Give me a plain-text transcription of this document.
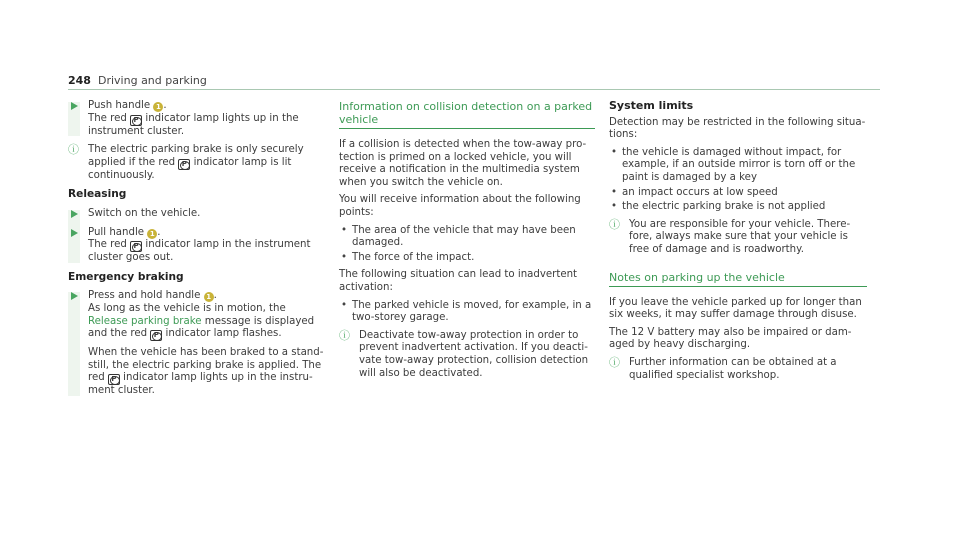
248 Driving and parking
Push handle 1 .
The red P indicator lamp lights up in the instrument cluster.
ⓘ The electric parking brake is only securely applied if the red P indicator lamp is lit continuously.
Releasing
Switch on the vehicle.
Pull handle 1 .
The red P indicator lamp in the instrument cluster goes out.
Emergency braking
Press and hold handle 1 .
As long as the vehicle is in motion, the Release parking brake message is displayed and the red P indicator lamp flashes.
When the vehicle has been braked to a stand-still, the electric parking brake is applied. The red P indicator lamp lights up in the instru-ment cluster.
Information on collision detection on a parked vehicle

If a collision is detected when the tow-away pro-tection is primed on a locked vehicle, you will receive a notification in the multimedia system when you switch the vehicle on.

You will receive information about the following points:

• The area of the vehicle that may have been damaged.
• The force of the impact.

The following situation can lead to inadvertent activation:

• The parked vehicle is moved, for example, in a two-storey garage.
ⓘ Deactivate tow-away protection in order to prevent inadvertent activation. If you deacti-vate tow-away protection, collision detection will also be deactivated.
System limits

Detection may be restricted in the following situa-tions:

• the vehicle is damaged without impact, for example, if an outside mirror is torn off or the paint is damaged by a key
• an impact occurs at low speed
• the electric parking brake is not applied
ⓘ You are responsible for your vehicle. There-fore, always make sure that your vehicle is free of damage and is roadworthy.
Notes on parking up the vehicle

If you leave the vehicle parked up for longer than six weeks, it may suffer damage through disuse.

The 12 V battery may also be impaired or dam-aged by heavy discharging.

ⓘ Further information can be obtained at a qualified specialist workshop.
